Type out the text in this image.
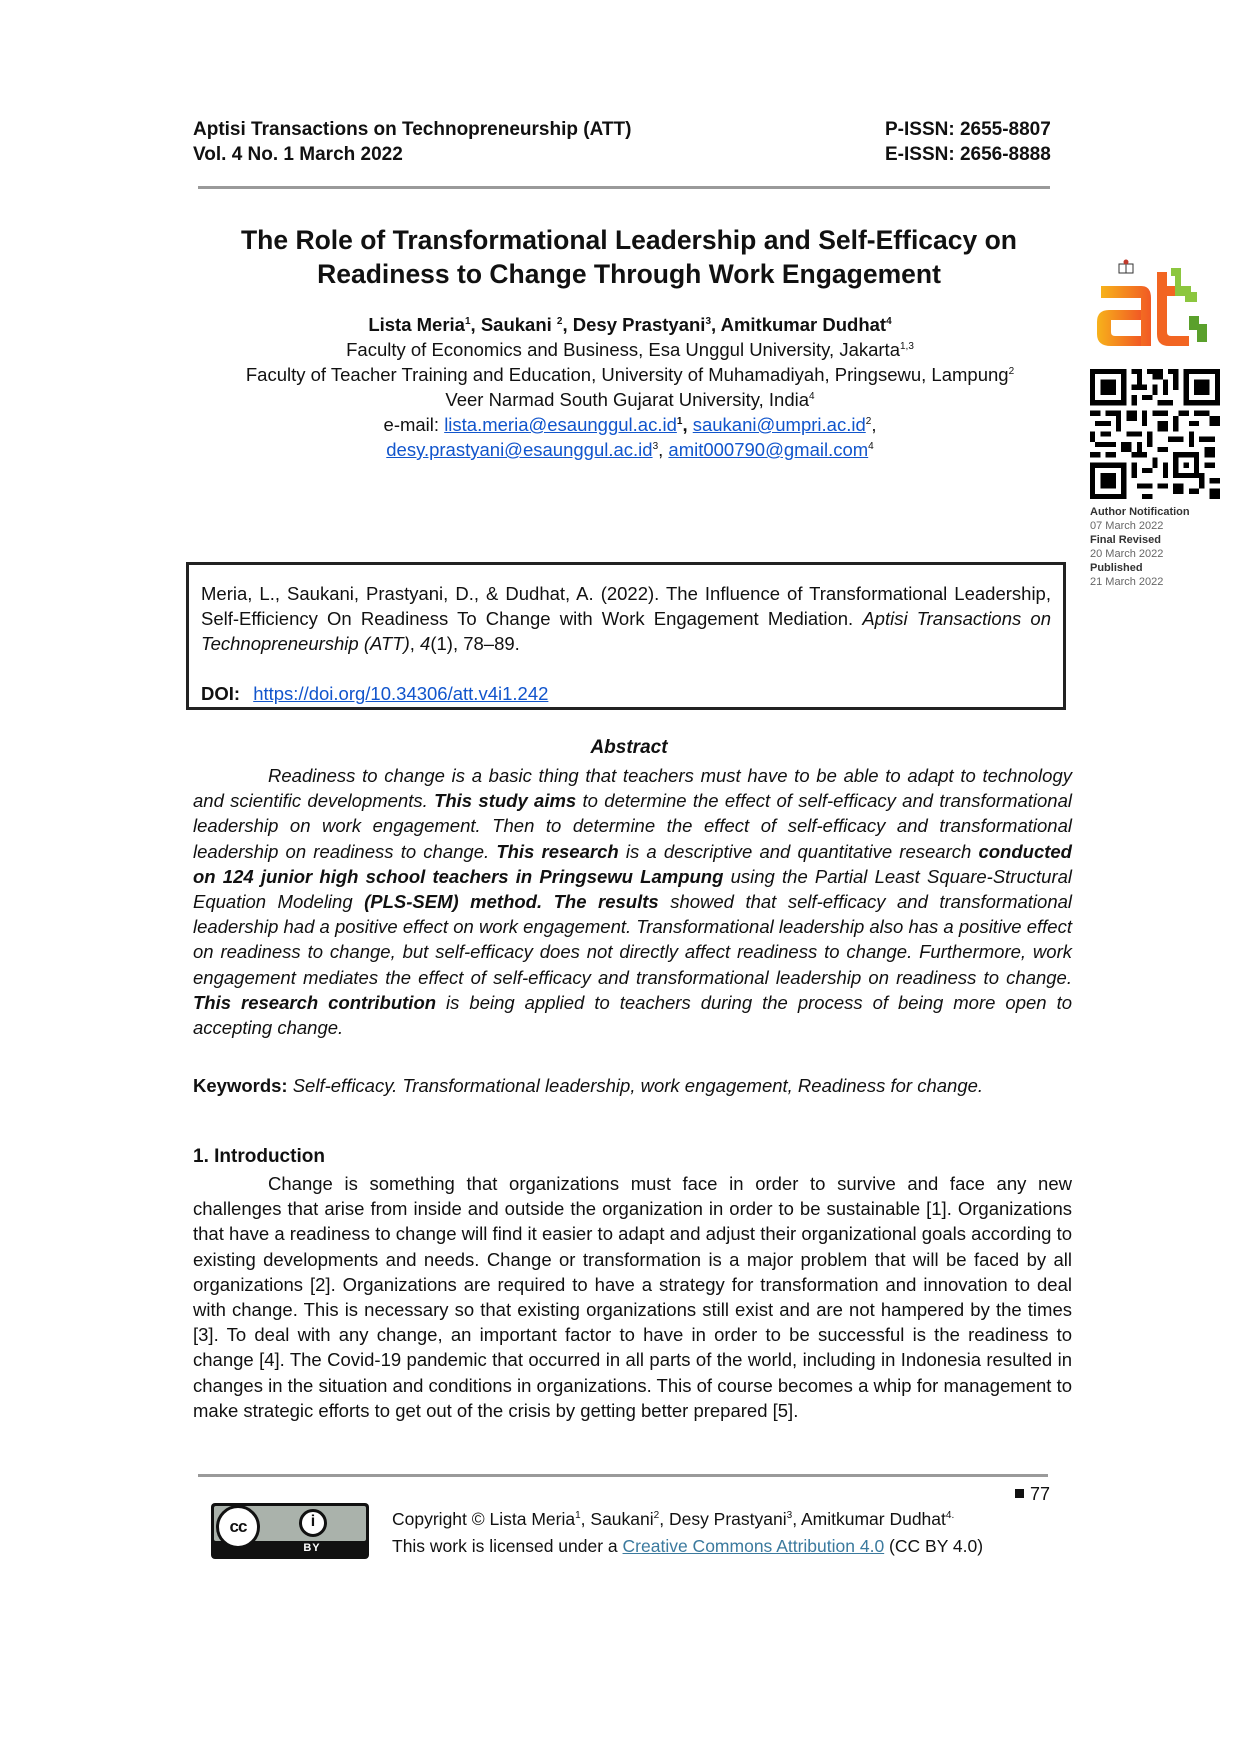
Aptisi Transactions on Technopreneurship (ATT)
Vol. 4 No. 1 March 2022
P-ISSN: 2655-8807
E-ISSN: 2656-8888
The Role of Transformational Leadership and Self-Efficacy on
Readiness to Change Through Work Engagement
Lista Meria$^1$, Saukani $^2$, Desy Prastyani$^3$, Amitkumar Dudhat$^4$
Faculty of Economics and Business, Esa Unggul University, Jakarta$^{1,3}$
Faculty of Teacher Training and Education, University of Muhamadiyah, Pringsewu, Lampung$^2$
Veer Narmad South Gujarat University, India$^4$
e-mail: $lista.meria@esaunggul.ac.id^1$, $saukani@umpri.ac.id^2$,
$desy.prastyani@esaunggul.ac.id^3$, amit000790@gmail.com$^4$
Author Notification
07 March 2022
Final Revised
20 March 2022
Published
21 March 2022
Meria, L., Saukani, Prastyani, D., & Dudhat, A. (2022). The Influence of Transformational Leadership, Self-Efficiency On Readiness To Change with Work Engagement Mediation. Aptisi Transactions on Technopreneurship (ATT), 4(1), 78–89.
DOI: https://doi.org/10.34306/att.v4i1.242
Abstract
Readiness to change is a basic thing that teachers must have to be able to adapt to technology and scientific developments. This study aims to determine the effect of self-efficacy and transformational leadership on work engagement. Then to determine the effect of self-efficacy and transformational leadership on readiness to change. This research is a descriptive and quantitative research conducted on 124 junior high school teachers in Pringsewu Lampung using the Partial Least Square-Structural Equation Modeling (PLS-SEM) method. The results showed that self-efficacy and transformational leadership had a positive effect on work engagement. Transformational leadership also has a positive effect on readiness to change, but self-efficacy does not directly affect readiness to change. Furthermore, work engagement mediates the effect of self-efficacy and transformational leadership on readiness to change. This research contribution is being applied to teachers during the process of being more open to accepting change.
Keywords: Self-efficacy. Transformational leadership, work engagement, Readiness for change.
1. Introduction
Change is something that organizations must face in order to survive and face any new challenges that arise from inside and outside the organization in order to be sustainable [1]. Organizations that have a readiness to change will find it easier to adapt and adjust their organizational goals according to existing developments and needs. Change or transformation is a major problem that will be faced by all organizations [2]. Organizations are required to have a strategy for transformation and innovation to deal with change. This is necessary so that existing organizations still exist and are not hampered by the times [3]. To deal with any change, an important factor to have in order to be successful is the readiness to change [4]. The Covid-19 pandemic that occurred in all parts of the world, including in Indonesia resulted in changes in the situation and conditions in organizations. This of course becomes a whip for management to make strategic efforts to get out of the crisis by getting better prepared [5].
77
cc	i
BY
Copyright © Lista Meria$^1$, Saukani$^2$, Desy Prastyani$^3$, Amitkumar Dudhat$^{4.}$
This work is licensed under a Creative Commons Attribution 4.0 (CC BY 4.0)
